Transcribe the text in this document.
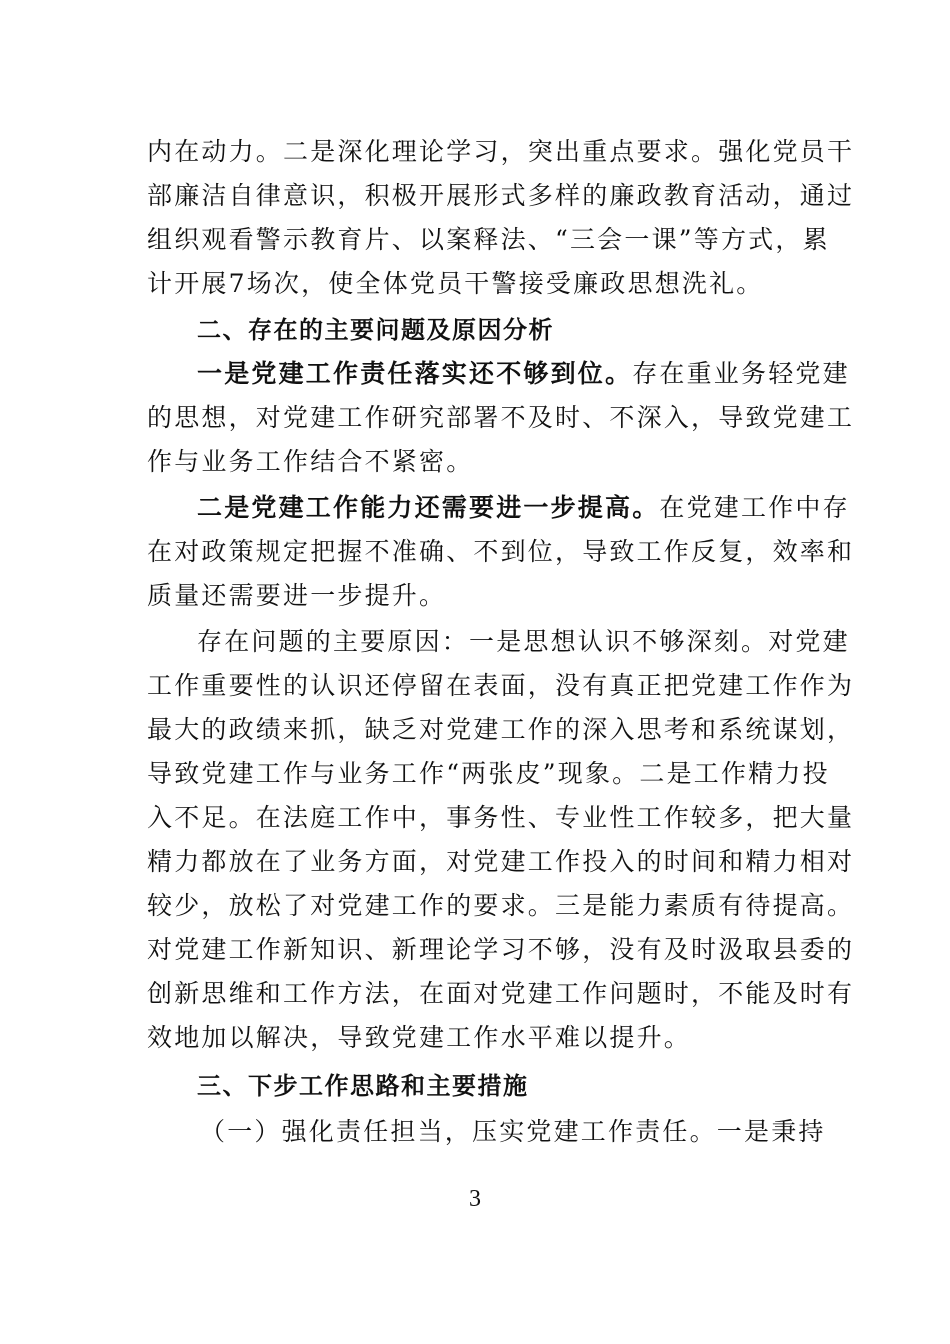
内在动力。二是深化理论学习，突出重点要求。强化党员干
部廉洁自律意识，积极开展形式多样的廉政教育活动，通过
组织观看警示教育片、以案释法、“三会一课”等方式，累
计开展7场次，使全体党员干警接受廉政思想洗礼。
二、存在的主要问题及原因分析
一是党建工作责任落实还不够到位。存在重业务轻党建
的思想，对党建工作研究部署不及时、不深入，导致党建工
作与业务工作结合不紧密。
二是党建工作能力还需要进一步提高。在党建工作中存
在对政策规定把握不准确、不到位，导致工作反复，效率和
质量还需要进一步提升。
存在问题的主要原因：一是思想认识不够深刻。对党建
工作重要性的认识还停留在表面，没有真正把党建工作作为
最大的政绩来抓，缺乏对党建工作的深入思考和系统谋划，
导致党建工作与业务工作“两张皮”现象。二是工作精力投
入不足。在法庭工作中，事务性、专业性工作较多，把大量
精力都放在了业务方面，对党建工作投入的时间和精力相对
较少，放松了对党建工作的要求。三是能力素质有待提高。
对党建工作新知识、新理论学习不够，没有及时汲取县委的
创新思维和工作方法，在面对党建工作问题时，不能及时有
效地加以解决，导致党建工作水平难以提升。
三、下步工作思路和主要措施
（一）强化责任担当，压实党建工作责任。一是秉持
3
